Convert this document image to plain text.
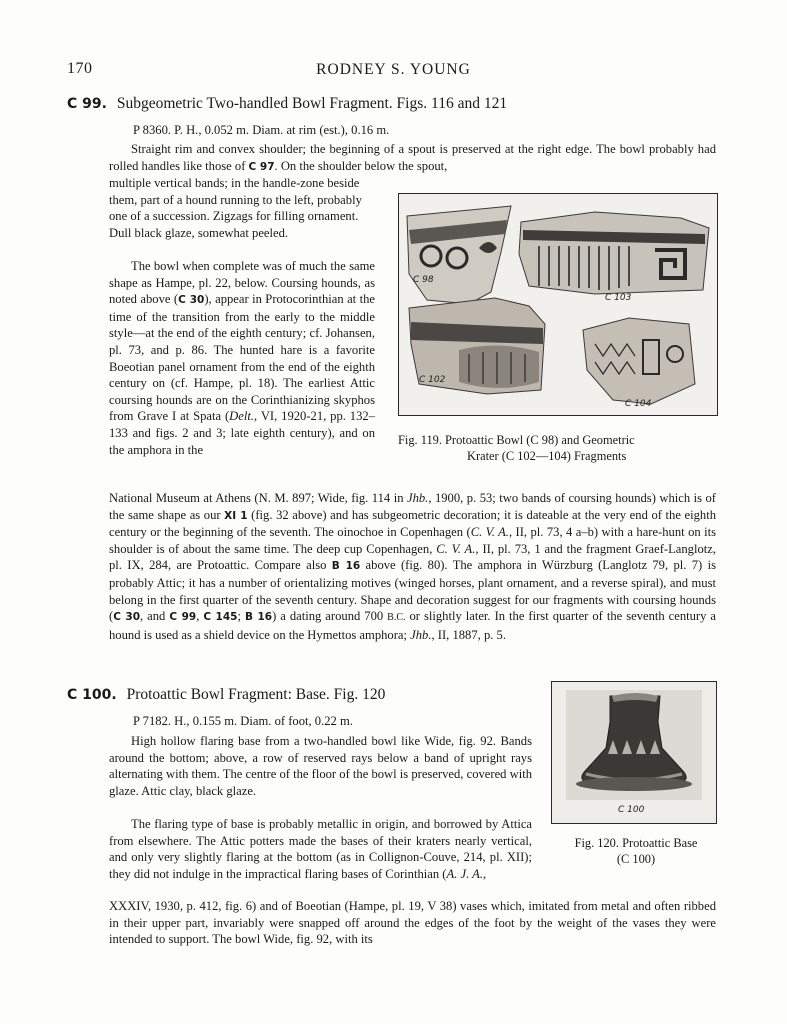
170	RODNEY S. YOUNG
C 99. Subgeometric Two-handled Bowl Fragment. Figs. 116 and 121
P 8360. P. H., 0.052 m. Diam. at rim (est.), 0.16 m.

Straight rim and convex shoulder; the beginning of a spout is preserved at the right edge. The bowl probably had rolled handles like those of C 97. On the shoulder below the spout,

multiple vertical bands; in the handle-zone beside them, part of a hound running to the left, probably one of a succession. Zigzags for filling ornament. Dull black glaze, somewhat peeled.

The bowl when complete was of much the same shape as Hampe, pl. 22, below. Coursing hounds, as noted above (C 30), appear in Protocorinthian at the time of the transition from the early to the middle style—at the end of the eighth century; cf. Johansen, pl. 73, and p. 86. The hunted hare is a favorite Boeotian panel ornament from the end of the eighth century on (cf. Hampe, pl. 18). The earliest Attic coursing hounds are on the Corinthianizing skyphos from Grave I at Spata (Delt., VI, 1920-21, pp. 132–133 and figs. 2 and 3; late eighth century), and on the amphora in the

C 98
C 103
C 102
C 104
Fig. 119. Protoattic Bowl (C 98) and Geometric
Krater (C 102—104) Fragments

National Museum at Athens (N. M. 897; Wide, fig. 114 in Jhb., 1900, p. 53; two bands of coursing hounds) which is of the same shape as our XI 1 (fig. 32 above) and has subgeometric decoration; it is dateable at the very end of the eighth century or the beginning of the seventh. The oinochoe in Copenhagen (C. V. A., II, pl. 73, 4 a–b) with a hare-hunt on its shoulder is of about the same time. The deep cup Copenhagen, C. V. A., II, pl. 73, 1 and the fragment Graef-Langlotz, pl. IX, 284, are Protoattic. Compare also B 16 above (fig. 80). The amphora in Würzburg (Langlotz 79, pl. 7) is probably Attic; it has a number of orientalizing motives (winged horses, plant ornament, and a reverse spiral), and must belong in the first quarter of the seventh century. Shape and decoration suggest for our fragments with coursing hounds (C 30, and C 99, C 145; B 16) a dating around 700 B.C. or slightly later. In the first quarter of the seventh century a hound is used as a shield device on the Hymettos amphora; Jhb., II, 1887, p. 5.

C 100. Protoattic Bowl Fragment: Base. Fig. 120
P 7182. H., 0.155 m. Diam. of foot, 0.22 m.

High hollow flaring base from a two-handled bowl like Wide, fig. 92. Bands around the bottom; above, a row of reserved rays below a band of upright rays alternating with them. The centre of the floor of the bowl is preserved, covered with glaze. Attic clay, black glaze.

The flaring type of base is probably metallic in origin, and borrowed by Attica from elsewhere. The Attic potters made the bases of their kraters nearly vertical, and only very slightly flaring at the bottom (as in Collignon-Couve, 214, pl. XII); they did not indulge in the impractical flaring bases of Corinthian (A. J. A.,

XXXIV, 1930, p. 412, fig. 6) and of Boeotian (Hampe, pl. 19, V 38) vases which, imitated from metal and often ribbed in their upper part, invariably were snapped off around the edges of the foot by the weight of the vases they were intended to support. The bowl Wide, fig. 92, with its

C 100
Fig. 120. Protoattic Base
(C 100)
